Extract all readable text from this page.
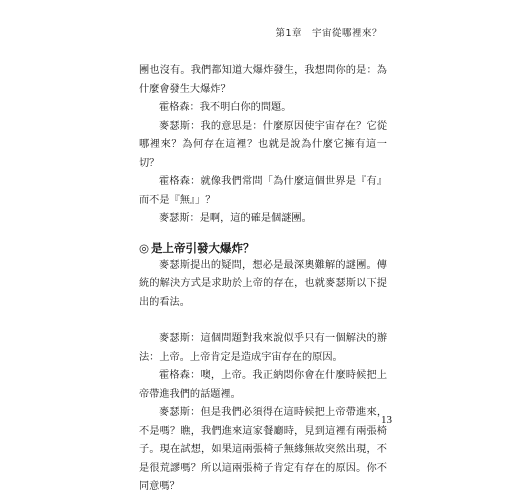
第1章　宇宙從哪裡來？

團也沒有。我們都知道大爆炸發生，我想問你的是：為什麼會發生大爆炸？

霍格森：我不明白你的問題。

麥瑟斯：我的意思是：什麼原因使宇宙存在？它從哪裡來？為何存在這裡？也就是說為什麼它擁有這一切？

霍格森：就像我們常問「為什麼這個世界是『有』而不是『無』」？

麥瑟斯：是啊，這的確是個謎團。

◎ 是上帝引發大爆炸？

麥瑟斯提出的疑問，想必是最深奧難解的謎團。傳統的解決方式是求助於上帝的存在，也就麥瑟斯以下提出的看法。

麥瑟斯：這個問題對我來說似乎只有一個解決的辦法：上帝。上帝肯定是造成宇宙存在的原因。

霍格森：噢，上帝。我正納悶你會在什麼時候把上帝帶進我們的話題裡。

麥瑟斯：但是我們必須得在這時候把上帝帶進來，不是嗎？瞧，我們進來這家餐廳時，見到這裡有兩張椅子。現在試想，如果這兩張椅子無緣無故突然出現，不是很荒謬嗎？所以這兩張椅子肯定有存在的原因。你不同意嗎？

13
